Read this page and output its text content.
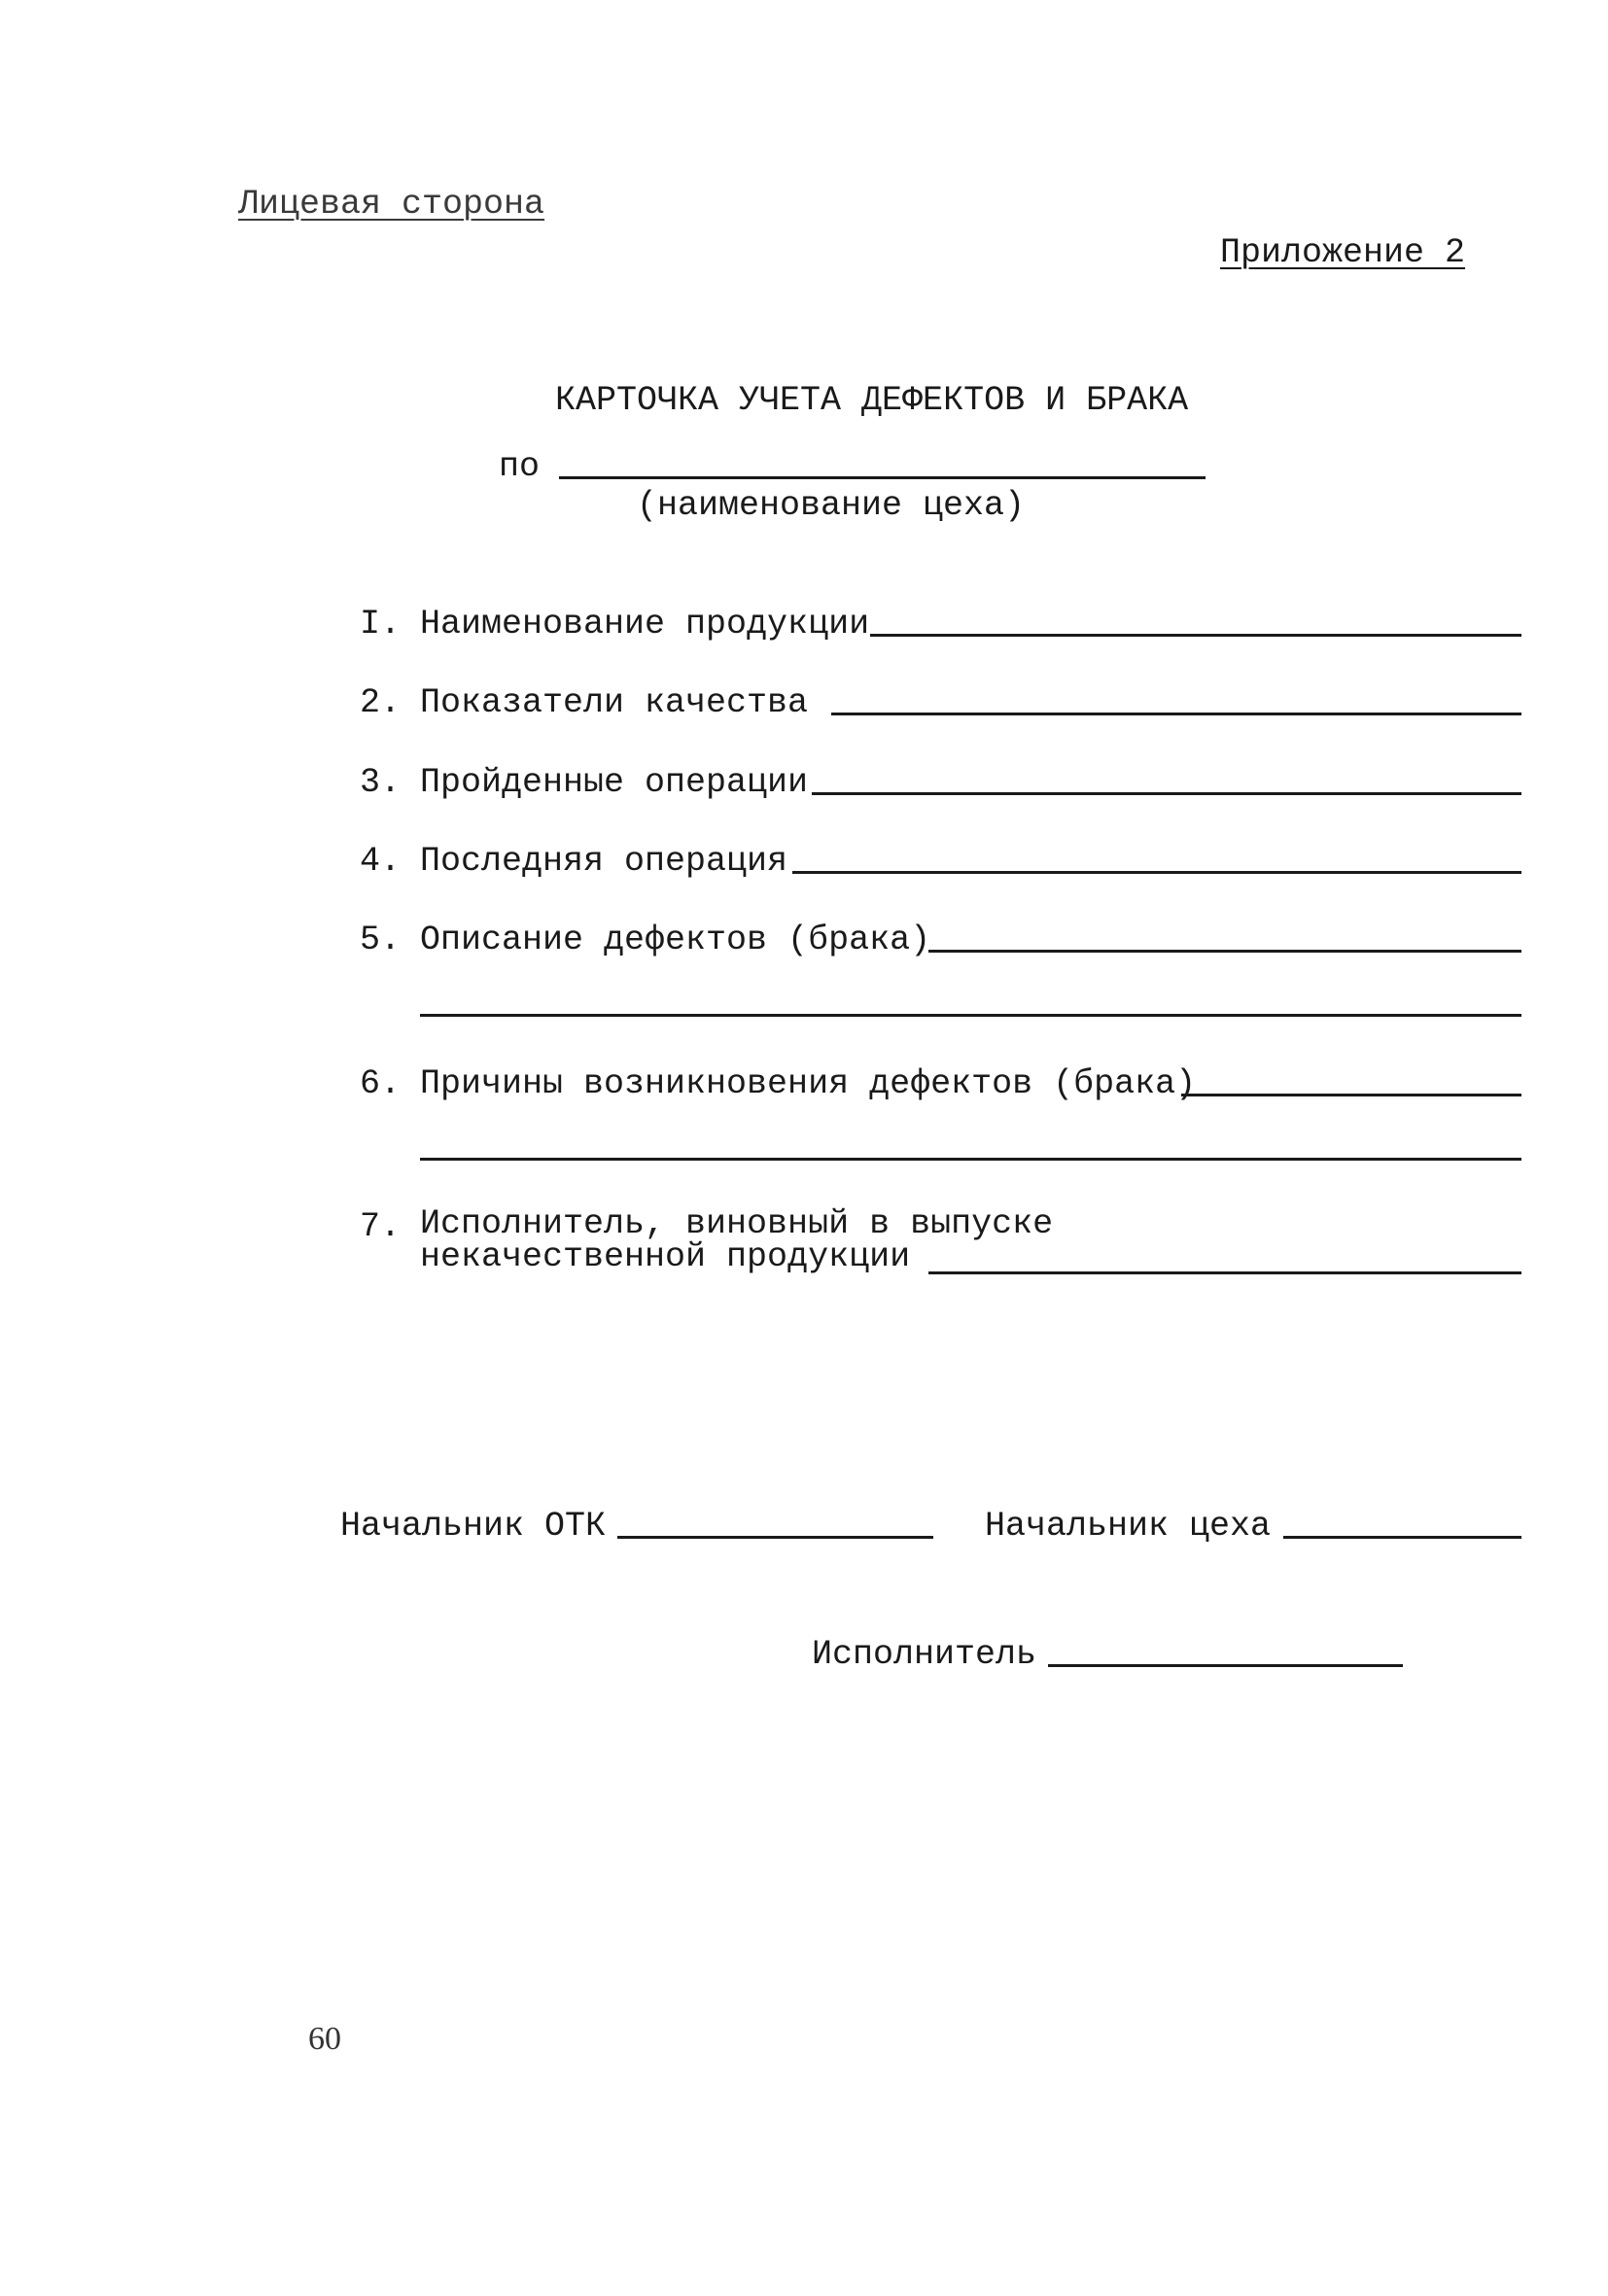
Лицевая сторона
Приложение 2
КАРТОЧКА УЧЕТА ДЕФЕКТОВ И БРАКА
по
(наименование цеха)
I. Наименование продукции
2. Показатели качества
3. Пройденные операции
4. Последняя операция
5. Описание дефектов (брака)
6. Причины возникновения дефектов (брака)
7. Исполнитель, виновный в выпуске
некачественной продукции
Начальник ОТК	Начальник цеха
Исполнитель
60
